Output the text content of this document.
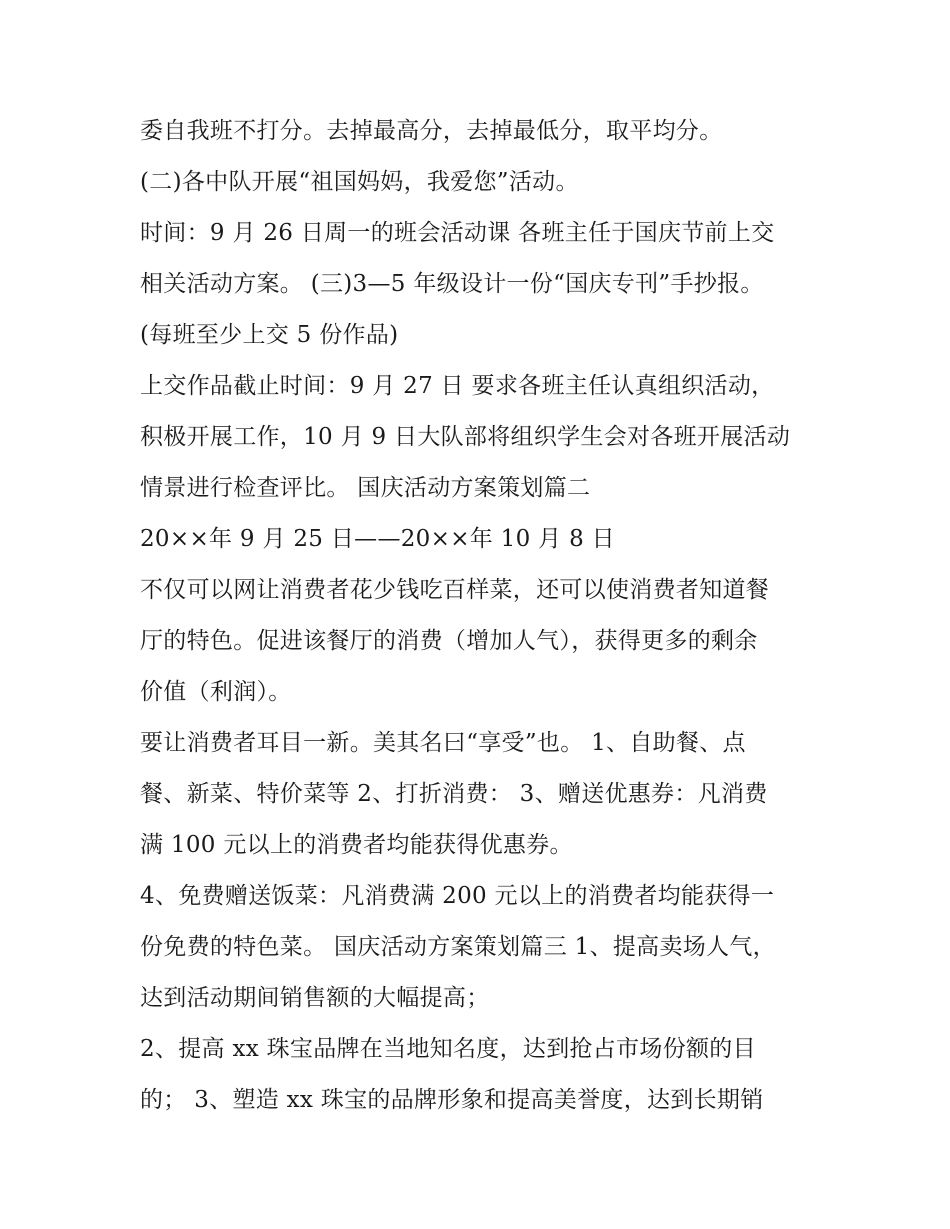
委自我班不打分。去掉最高分，去掉最低分，取平均分。
(二)各中队开展“祖国妈妈，我爱您”活动。
时间：9 月 26 日周一的班会活动课 各班主任于国庆节前上交
相关活动方案。 (三)3—5 年级设计一份“国庆专刊”手抄报。
(每班至少上交 5 份作品)
上交作品截止时间：9 月 27 日 要求各班主任认真组织活动，
积极开展工作，10 月 9 日大队部将组织学生会对各班开展活动
情景进行检查评比。 国庆活动方案策划篇二
20××年 9 月 25 日——20××年 10 月 8 日
不仅可以网让消费者花少钱吃百样菜，还可以使消费者知道餐
厅的特色。促进该餐厅的消费（增加人气），获得更多的剩余
价值（利润）。
要让消费者耳目一新。美其名曰“享受”也。 1、自助餐、点
餐、新菜、特价菜等 2、打折消费： 3、赠送优惠券：凡消费
满 100 元以上的消费者均能获得优惠券。
4、免费赠送饭菜：凡消费满 200 元以上的消费者均能获得一
份免费的特色菜。 国庆活动方案策划篇三 1、提高卖场人气，
达到活动期间销售额的大幅提高；
2、提高 xx 珠宝品牌在当地知名度，达到抢占市场份额的目
的； 3、塑造 xx 珠宝的品牌形象和提高美誉度，达到长期销
